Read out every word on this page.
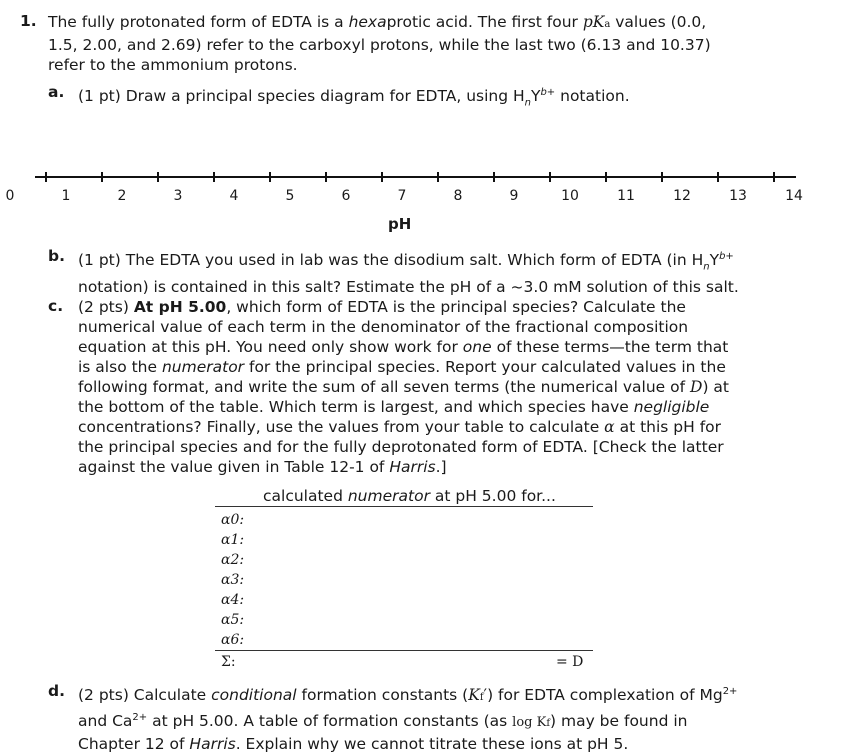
1. The fully protonated form of EDTA is a hexaprotic acid. The first four pKa values (0.0,
1.5, 2.00, and 2.69) refer to the carboxyl protons, while the last two (6.13 and 10.37)
refer to the ammonium protons.
a. (1 pt) Draw a principal species diagram for EDTA, using $H_nY^{b+}$ notation.
0	1	2	3	4	5	6	7	8	9	10	11	12	13	14
pH
b. (1 pt) The EDTA you used in lab was the disodium salt. Which form of EDTA (in $H_nY^{b+}$
notation) is contained in this salt? Estimate the pH of a ~3.0 mM solution of this salt.
c. (2 pts) At pH 5.00, which form of EDTA is the principal species? Calculate the
numerical value of each term in the denominator of the fractional composition
equation at this pH. You need only show work for one of these terms—the term that
is also the numerator for the principal species. Report your calculated values in the
following format, and write the sum of all seven terms (the numerical value of D) at
the bottom of the table. Which term is largest, and which species have negligible
concentrations? Finally, use the values from your table to calculate α at this pH for
the principal species and for the fully deprotonated form of EDTA. [Check the latter
against the value given in Table 12-1 of Harris.]
calculated numerator at pH 5.00 for...
α0:
α1:
α2:
α3:
α4:
α5:
α6:
Σ:	= D
d. (2 pts) Calculate conditional formation constants (Kf′) for EDTA complexation of $Mg^{2+}$
and $Ca^{2+}$ at pH 5.00. A table of formation constants (as log Kf) may be found in
Chapter 12 of Harris. Explain why we cannot titrate these ions at pH 5.
